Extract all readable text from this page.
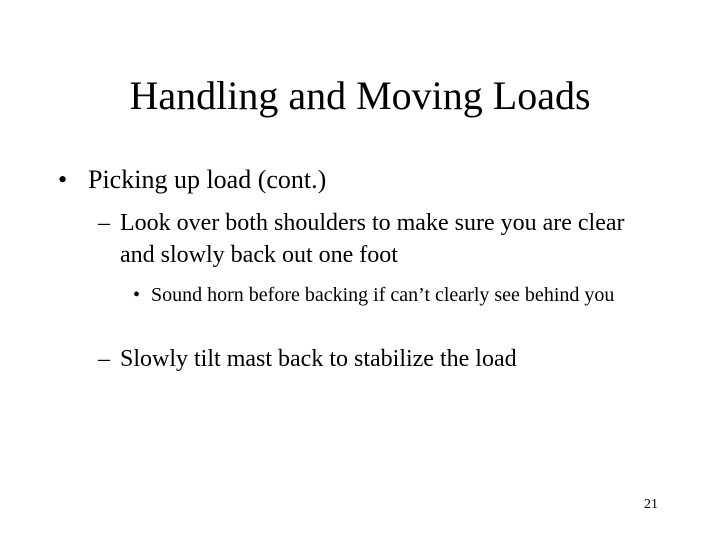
Handling and Moving Loads
• Picking up load (cont.)
– Look over both shoulders to make sure you are clear and slowly back out one foot
• Sound horn before backing if can’t clearly see behind you
– Slowly tilt mast back to stabilize the load
21
